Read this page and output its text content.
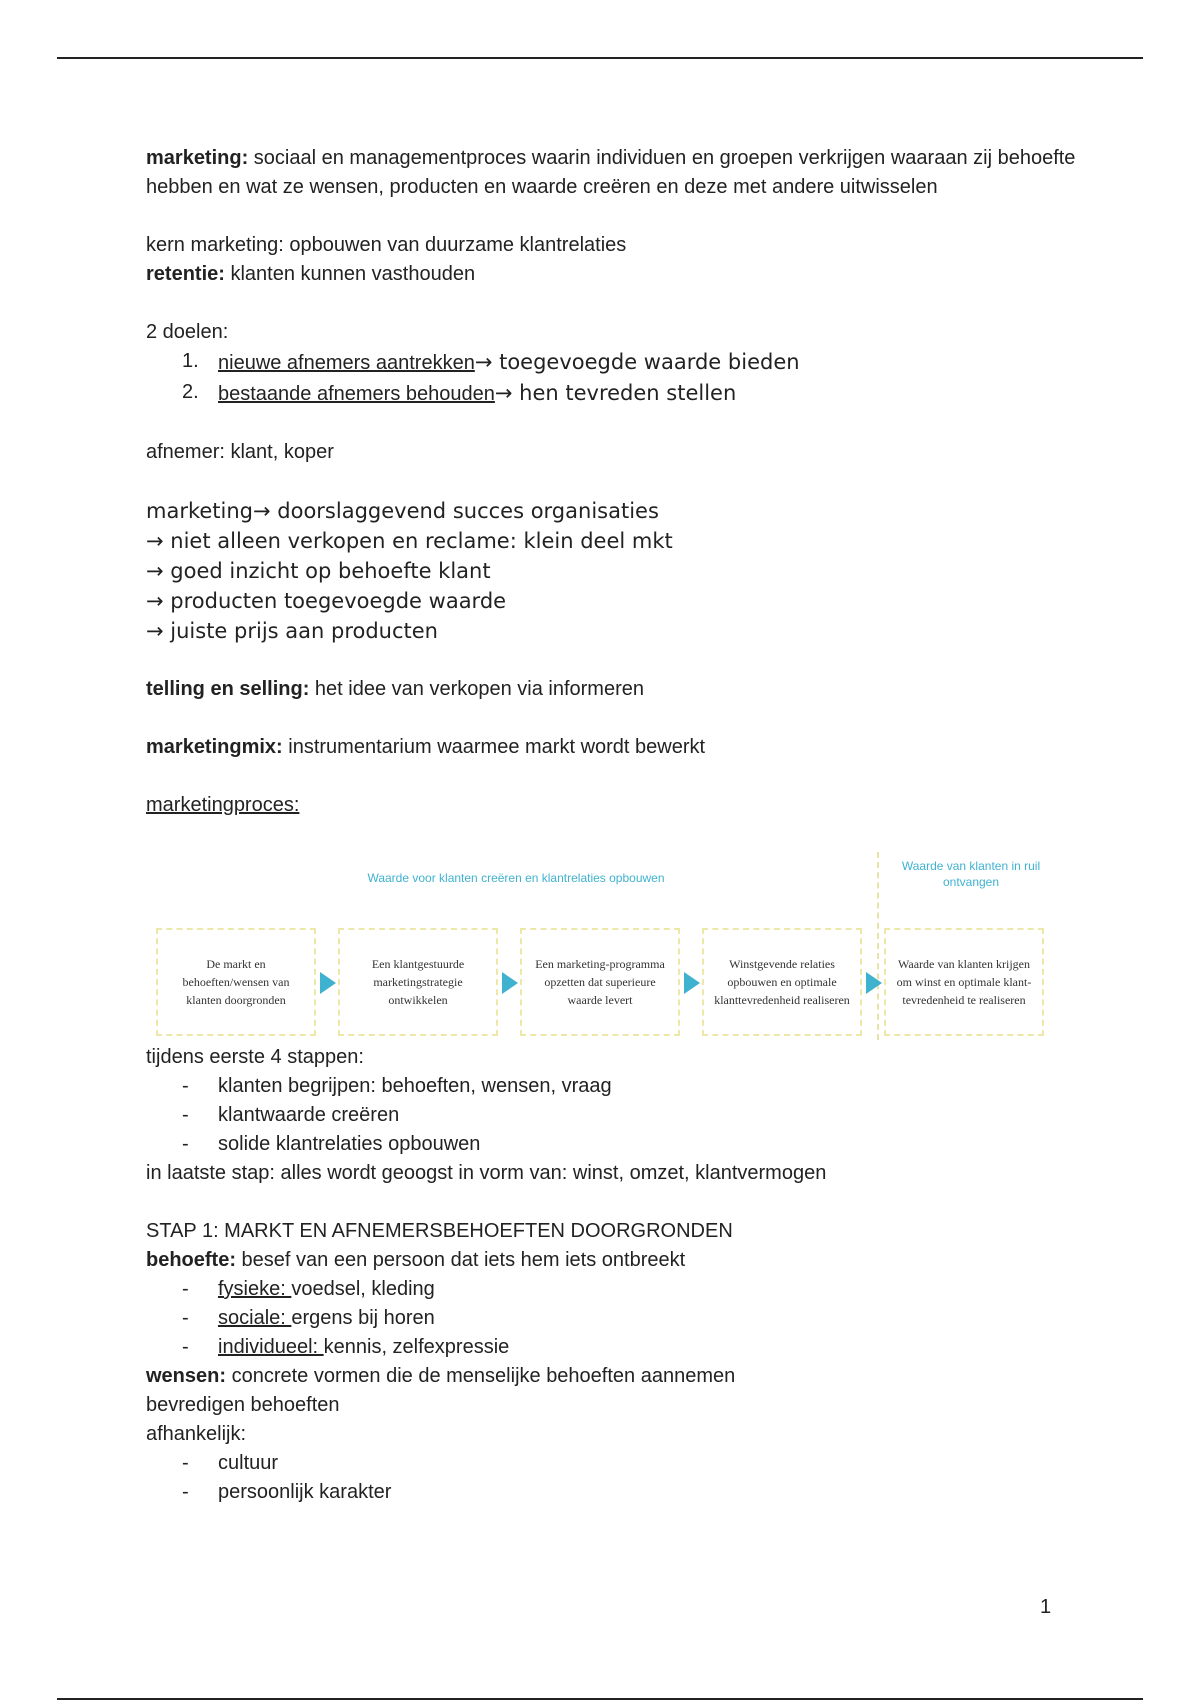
marketing: sociaal en managementproces waarin individuen en groepen verkrijgen waaraan zij behoefte hebben en wat ze wensen, producten en waarde creëren en deze met andere uitwisselen

kern marketing: opbouwen van duurzame klantrelaties

retentie: klanten kunnen vasthouden

2 doelen:

1. nieuwe afnemers aantrekken→ toegevoegde waarde bieden
2. bestaande afnemers behouden→ hen tevreden stellen

afnemer: klant, koper

marketing→ doorslaggevend succes organisaties
→ niet alleen verkopen en reclame: klein deel mkt
→ goed inzicht op behoefte klant
→ producten toegevoegde waarde
→ juiste prijs aan producten

telling en selling: het idee van verkopen via informeren

marketingmix: instrumentarium waarmee markt wordt bewerkt

marketingproces:

Waarde voor klanten creëren en klantrelaties opbouwen
Waarde van klanten in ruil ontvangen
De markt en behoeften/wensen van klanten doorgronden
Een klantgestuurde marketingstrategie ontwikkelen
Een marketing-programma opzetten dat superieure waarde levert
Winstgevende relaties opbouwen en optimale klanttevredenheid realiseren
Waarde van klanten krijgen om winst en optimale klant-tevredenheid te realiseren

tijdens eerste 4 stappen:

- klanten begrijpen: behoeften, wensen, vraag
- klantwaarde creëren
- solide klantrelaties opbouwen

in laatste stap: alles wordt geoogst in vorm van: winst, omzet, klantvermogen

STAP 1: MARKT EN AFNEMERSBEHOEFTEN DOORGRONDEN

behoefte: besef van een persoon dat iets hem iets ontbreekt

- fysieke: voedsel, kleding
- sociale: ergens bij horen
- individueel: kennis, zelfexpressie

wensen: concrete vormen die de menselijke behoeften aannemen

bevredigen behoeften

afhankelijk:

- cultuur
- persoonlijk karakter
1
